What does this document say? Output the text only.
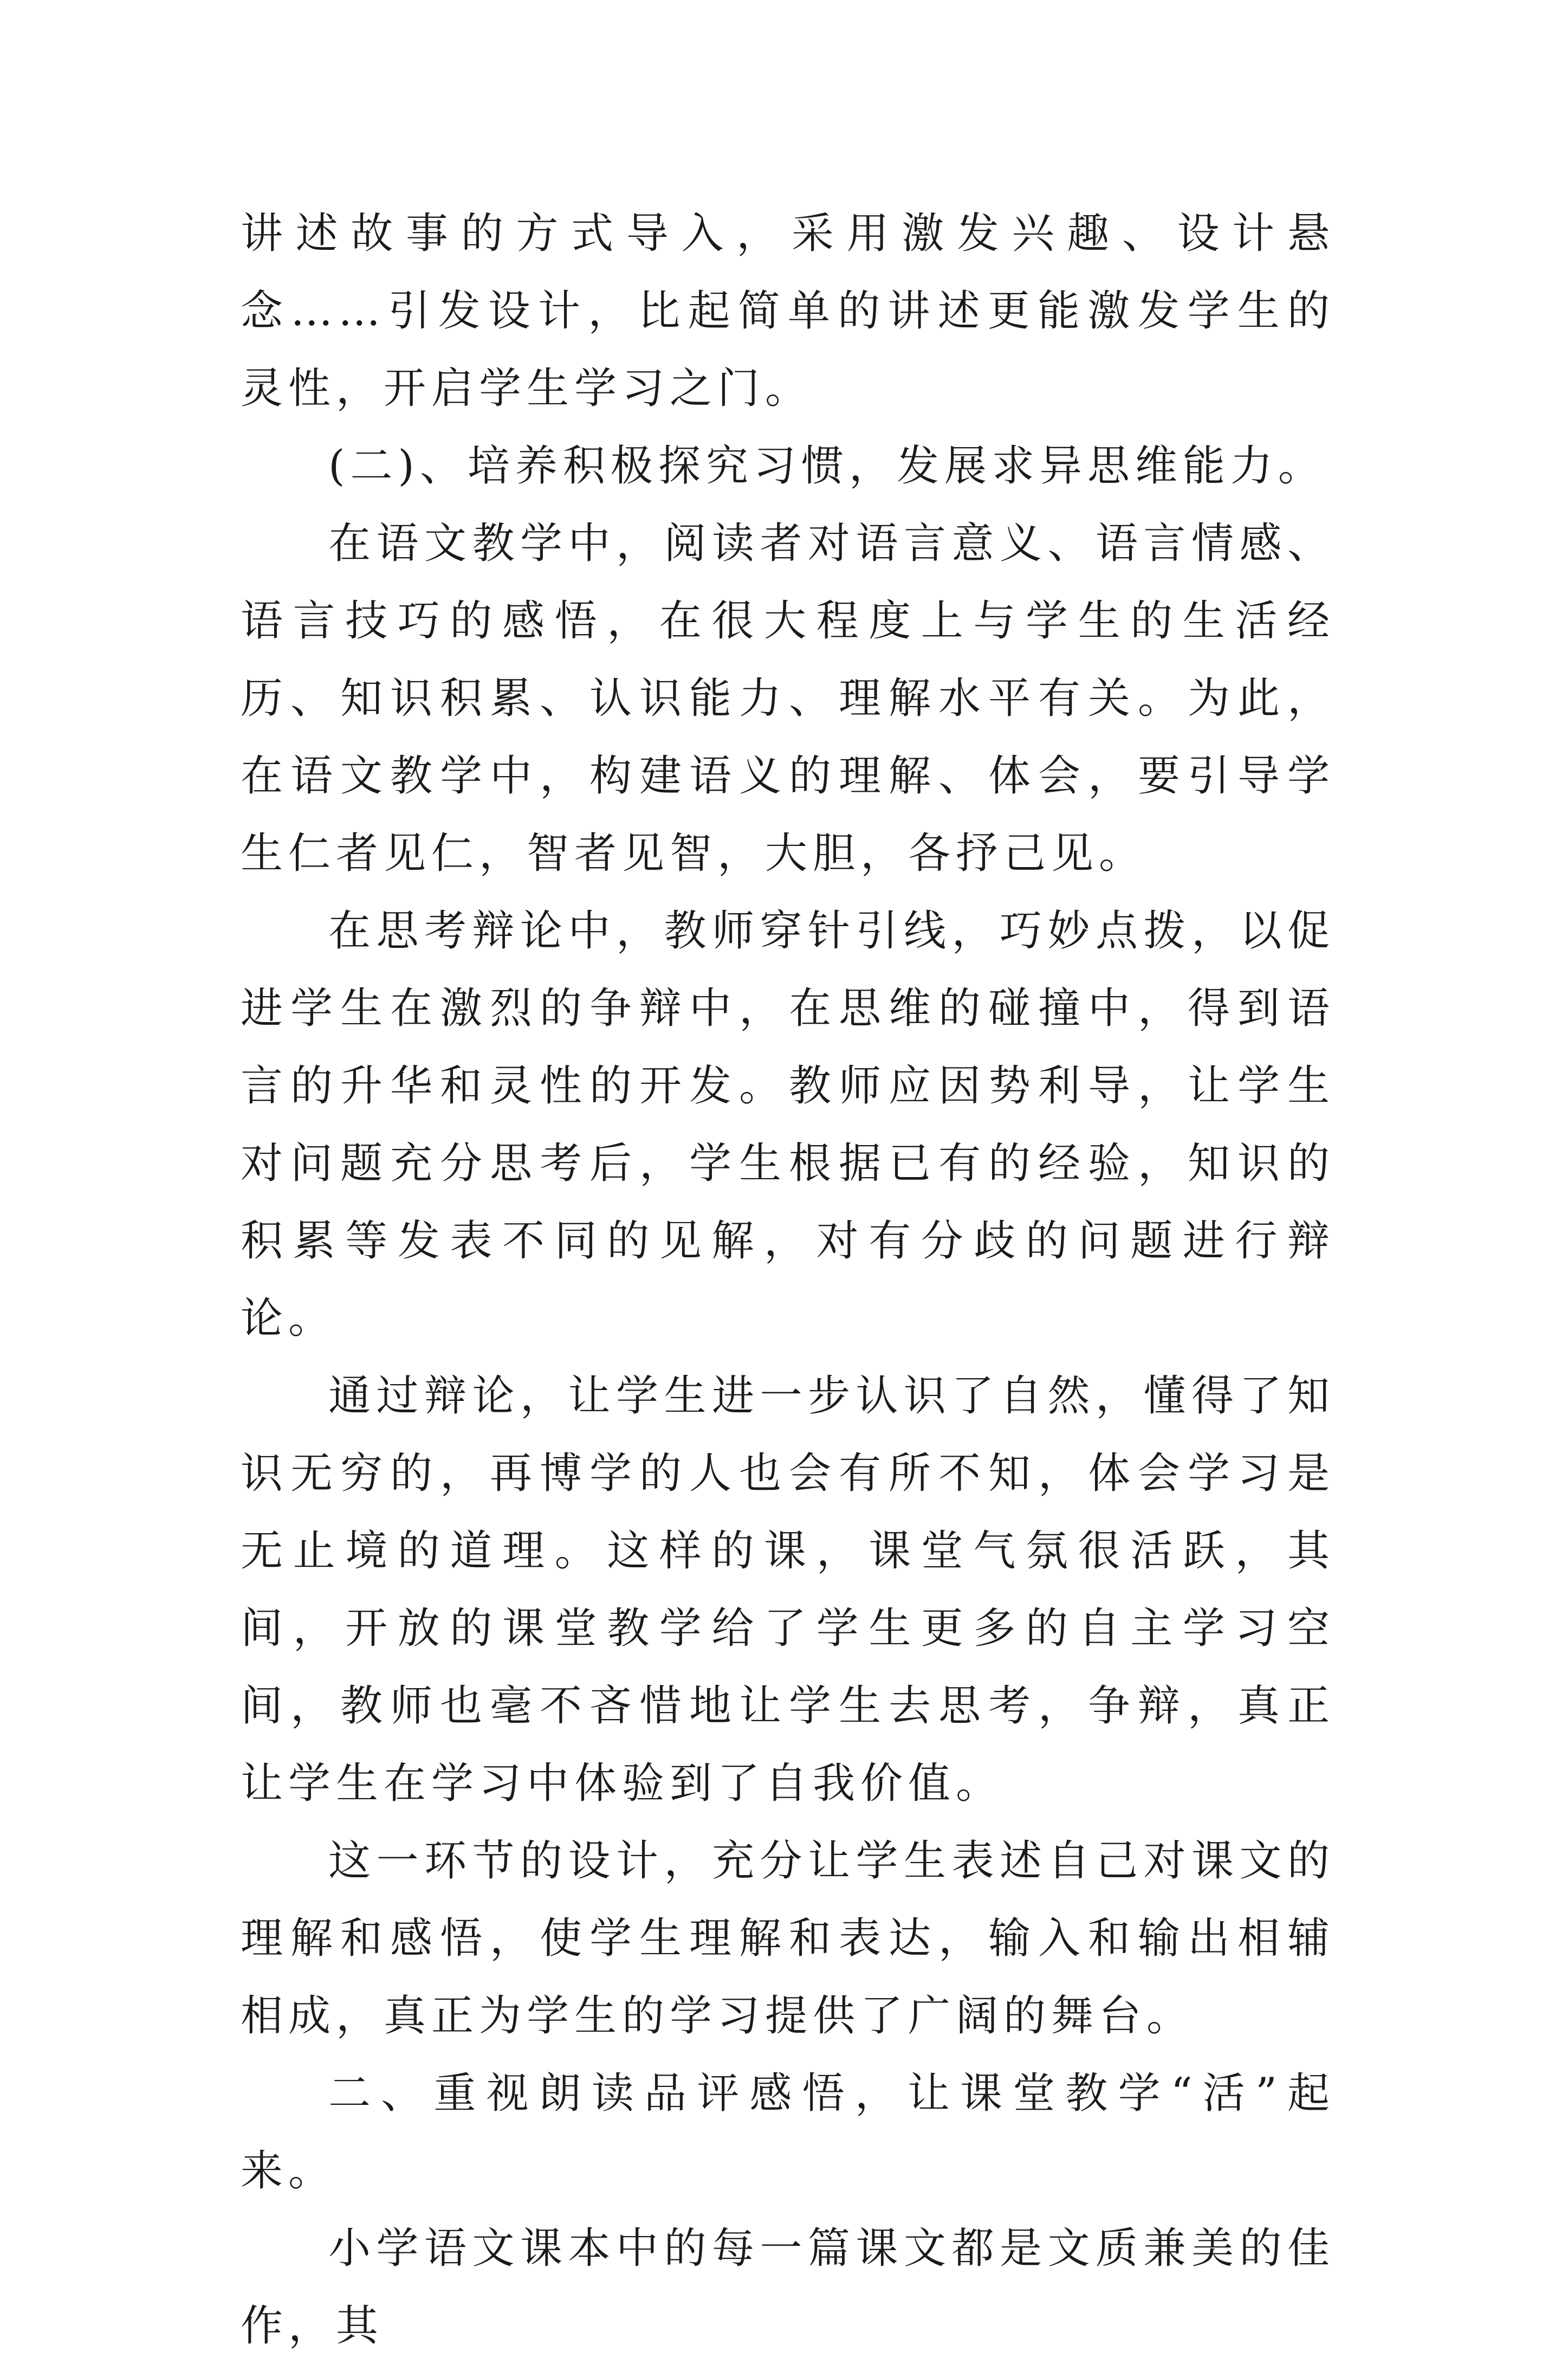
讲述故事的方式导入，采用激发兴趣、设计悬念……引发设计，比起简单的讲述更能激发学生的灵性，开启学生学习之门。

(二)、培养积极探究习惯，发展求异思维能力。

在语文教学中，阅读者对语言意义、语言情感、语言技巧的感悟，在很大程度上与学生的生活经历、知识积累、认识能力、理解水平有关。为此，在语文教学中，构建语义的理解、体会，要引导学生仁者见仁，智者见智，大胆，各抒己见。

在思考辩论中，教师穿针引线，巧妙点拨，以促进学生在激烈的争辩中，在思维的碰撞中，得到语言的升华和灵性的开发。教师应因势利导，让学生对问题充分思考后，学生根据已有的经验，知识的积累等发表不同的见解，对有分歧的问题进行辩论。

通过辩论，让学生进一步认识了自然，懂得了知识无穷的，再博学的人也会有所不知，体会学习是无止境的道理。这样的课，课堂气氛很活跃，其间，开放的课堂教学给了学生更多的自主学习空间，教师也毫不吝惜地让学生去思考，争辩，真正让学生在学习中体验到了自我价值。

这一环节的设计，充分让学生表述自己对课文的理解和感悟，使学生理解和表达，输入和输出相辅相成，真正为学生的学习提供了广阔的舞台。

二、重视朗读品评感悟，让课堂教学“活”起来。

小学语文课本中的每一篇课文都是文质兼美的佳作，其
